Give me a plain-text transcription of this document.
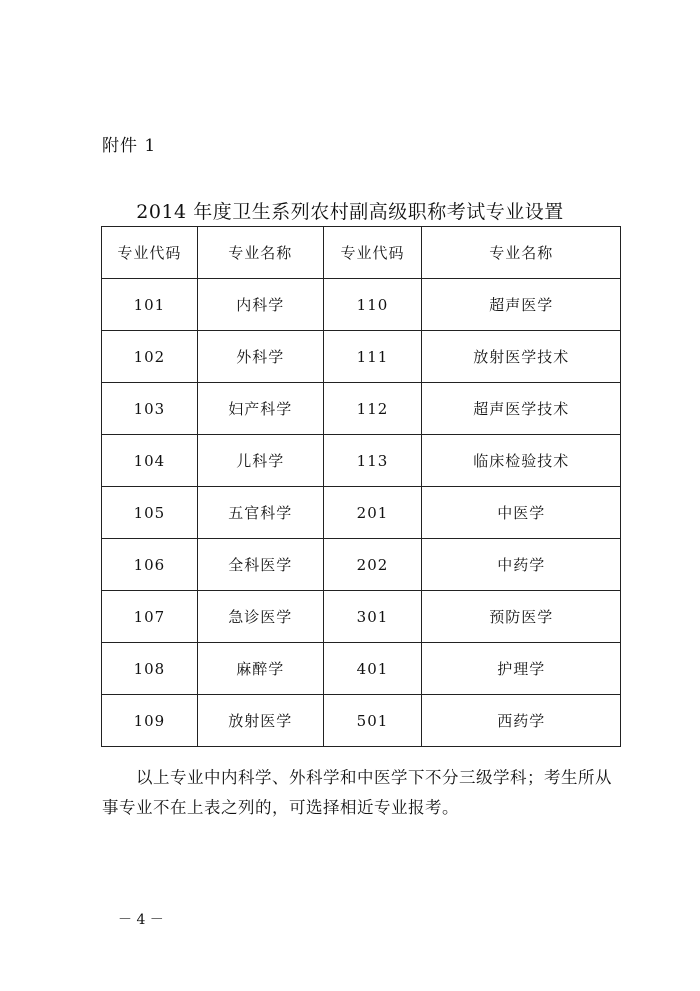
附件 1
2014 年度卫生系列农村副高级职称考试专业设置
专业代码	专业名称	专业代码	专业名称
101	内科学	110	超声医学
102	外科学	111	放射医学技术
103	妇产科学	112	超声医学技术
104	儿科学	113	临床检验技术
105	五官科学	201	中医学
106	全科医学	202	中药学
107	急诊医学	301	预防医学
108	麻醉学	401	护理学
109	放射医学	501	西药学
以上专业中内科学、外科学和中医学下不分三级学科；考生所从事专业不在上表之列的，可选择相近专业报考。
－ 4 －
